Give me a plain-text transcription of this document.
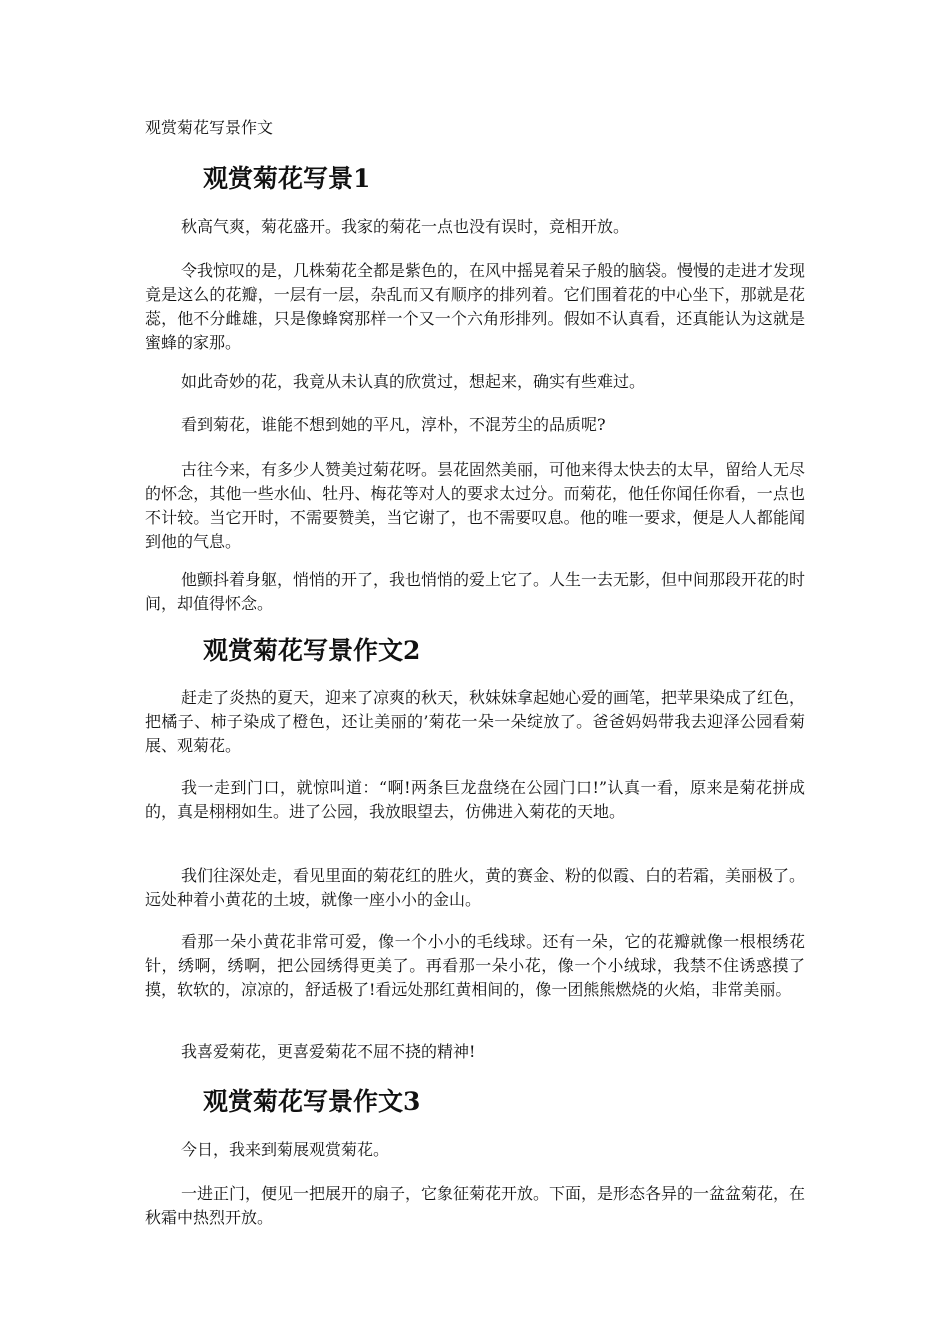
观赏菊花写景作文

观赏菊花写景1

秋高气爽，菊花盛开。我家的菊花一点也没有误时，竞相开放。

令我惊叹的是，几株菊花全都是紫色的，在风中摇晃着呆子般的脑袋。慢慢的走进才发现竟是这么的花瓣，一层有一层，杂乱而又有顺序的排列着。它们围着花的中心坐下，那就是花蕊，他不分雌雄，只是像蜂窝那样一个又一个六角形排列。假如不认真看，还真能认为这就是蜜蜂的家那。

如此奇妙的花，我竟从未认真的欣赏过，想起来，确实有些难过。

看到菊花，谁能不想到她的平凡，淳朴，不混芳尘的品质呢?

古往今来，有多少人赞美过菊花呀。昙花固然美丽，可他来得太快去的太早，留给人无尽的怀念，其他一些水仙、牡丹、梅花等对人的要求太过分。而菊花，他任你闻任你看，一点也不计较。当它开时，不需要赞美，当它谢了，也不需要叹息。他的唯一要求，便是人人都能闻到他的气息。

他颤抖着身躯，悄悄的开了，我也悄悄的爱上它了。人生一去无影，但中间那段开花的时间，却值得怀念。

观赏菊花写景作文2

赶走了炎热的夏天，迎来了凉爽的秋天，秋妹妹拿起她心爱的画笔，把苹果染成了红色，把橘子、柿子染成了橙色，还让美丽的’菊花一朵一朵绽放了。爸爸妈妈带我去迎泽公园看菊展、观菊花。

我一走到门口，就惊叫道：“啊!两条巨龙盘绕在公园门口!”认真一看，原来是菊花拼成的，真是栩栩如生。进了公园，我放眼望去，仿佛进入菊花的天地。

我们往深处走，看见里面的菊花红的胜火，黄的赛金、粉的似霞、白的若霜，美丽极了。远处种着小黄花的土坡，就像一座小小的金山。

看那一朵小黄花非常可爱，像一个小小的毛线球。还有一朵，它的花瓣就像一根根绣花针，绣啊，绣啊，把公园绣得更美了。再看那一朵小花，像一个小绒球，我禁不住诱惑摸了摸，软软的，凉凉的，舒适极了!看远处那红黄相间的，像一团熊熊燃烧的火焰，非常美丽。

我喜爱菊花，更喜爱菊花不屈不挠的精神!

观赏菊花写景作文3

今日，我来到菊展观赏菊花。

一进正门，便见一把展开的扇子，它象征菊花开放。下面，是形态各异的一盆盆菊花，在秋霜中热烈开放。
